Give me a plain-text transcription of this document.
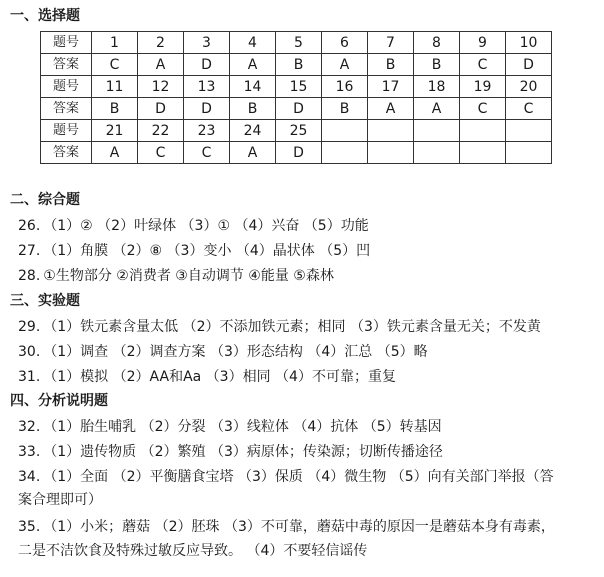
一、选择题
题号	1	2	3	4	5	6	7	8	9	10
答案	C	A	D	A	B	A	B	B	C	D
题号	11	12	13	14	15	16	17	18	19	20
答案	B	D	D	B	D	B	A	A	C	C
题号	21	22	23	24	25					
答案	A	C	C	A	D					
二、综合题
26. （1）② （2）叶绿体 （3）① （4）兴奋 （5）功能
27. （1）角膜 （2）⑧ （3）变小 （4）晶状体 （5）凹
28. ①生物部分 ②消费者 ③自动调节 ④能量 ⑤森林
三、实验题
29. （1）铁元素含量太低 （2）不添加铁元素；相同 （3）铁元素含量无关；不发黄
30. （1）调查 （2）调查方案 （3）形态结构 （4）汇总 （5）略
31. （1）模拟 （2）AA和Aa （3）相同 （4）不可靠；重复
四、分析说明题
32. （1）胎生哺乳 （2）分裂 （3）线粒体 （4）抗体 （5）转基因
33. （1）遗传物质 （2）繁殖 （3）病原体；传染源；切断传播途径
34. （1）全面 （2）平衡膳食宝塔 （3）保质 （4）微生物 （5）向有关部门举报（答
案合理即可）
35. （1）小米；蘑菇 （2）胚珠 （3）不可靠，蘑菇中毒的原因一是蘑菇本身有毒素，
二是不洁饮食及特殊过敏反应导致。 （4）不要轻信谣传
